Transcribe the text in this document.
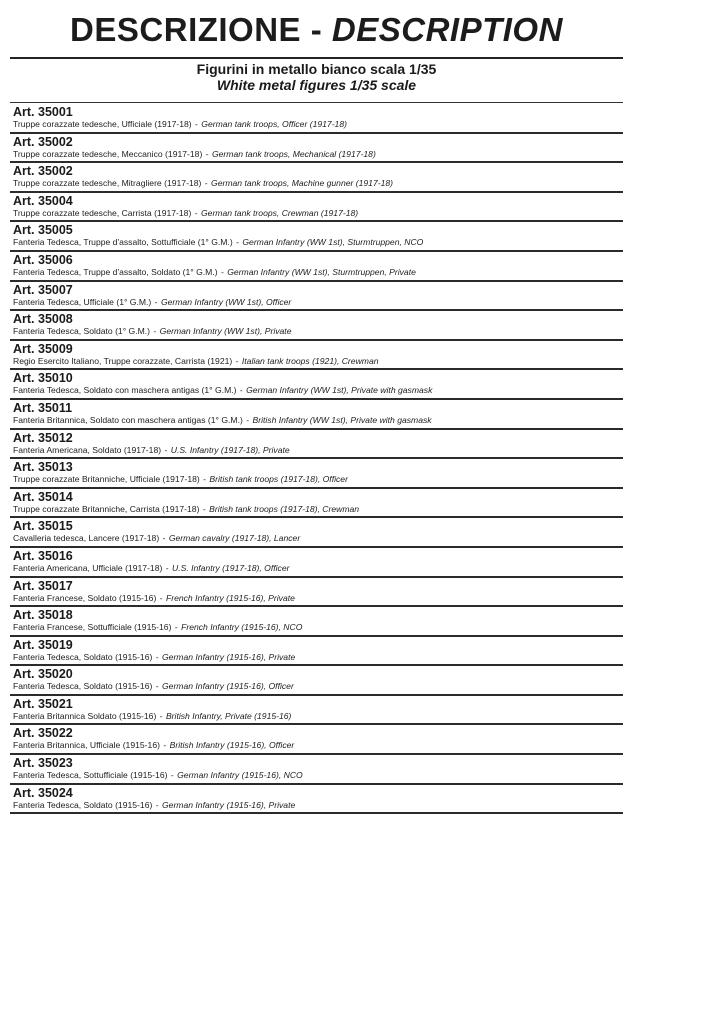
DESCRIZIONE - DESCRIPTION
Figurini in metallo bianco scala 1/35
White metal figures 1/35 scale
Art. 35001
Truppe corazzate tedesche, Ufficiale (1917-18) - German tank troops, Officer (1917-18)
Art. 35002
Truppe corazzate tedesche, Meccanico (1917-18) - German tank troops, Mechanical (1917-18)
Art. 35002
Truppe corazzate tedesche, Mitragliere (1917-18) - German tank troops, Machine gunner (1917-18)
Art. 35004
Truppe corazzate tedesche, Carrista (1917-18) - German tank troops, Crewman (1917-18)
Art. 35005
Fanteria Tedesca, Truppe d'assalto, Sottufficiale (1° G.M.) - German Infantry (WW 1st), Sturmtruppen, NCO
Art. 35006
Fanteria Tedesca, Truppe d'assalto, Soldato (1° G.M.) - German Infantry (WW 1st), Sturmtruppen, Private
Art. 35007
Fanteria Tedesca, Ufficiale (1° G.M.) - German Infantry (WW 1st), Officer
Art. 35008
Fanteria Tedesca, Soldato (1° G.M.) - German Infantry (WW 1st), Private
Art. 35009
Regio Esercito Italiano, Truppe corazzate, Carrista (1921) - Italian tank troops (1921), Crewman
Art. 35010
Fanteria Tedesca, Soldato con maschera antigas (1° G.M.) - German Infantry (WW 1st), Private with gasmask
Art. 35011
Fanteria Britannica, Soldato con maschera antigas (1° G.M.) - British Infantry (WW 1st), Private with gasmask
Art. 35012
Fanteria Americana, Soldato (1917-18) - U.S. Infantry (1917-18), Private
Art. 35013
Truppe corazzate Britanniche, Ufficiale (1917-18) - British tank troops (1917-18), Officer
Art. 35014
Truppe corazzate Britanniche, Carrista (1917-18) - British tank troops (1917-18), Crewman
Art. 35015
Cavalleria tedesca, Lancere (1917-18) - German cavalry (1917-18), Lancer
Art. 35016
Fanteria Americana, Ufficiale (1917-18) - U.S. Infantry (1917-18), Officer
Art. 35017
Fanteria Francese, Soldato (1915-16) - French Infantry (1915-16), Private
Art. 35018
Fanteria Francese, Sottufficiale (1915-16) - French Infantry (1915-16), NCO
Art. 35019
Fanteria Tedesca, Soldato (1915-16) - German Infantry (1915-16), Private
Art. 35020
Fanteria Tedesca, Soldato (1915-16) - German Infantry (1915-16), Officer
Art. 35021
Fanteria Britannica Soldato (1915-16) - British Infantry, Private (1915-16)
Art. 35022
Fanteria Britannica, Ufficiale (1915-16) - British Infantry (1915-16), Officer
Art. 35023
Fanteria Tedesca, Sottufficiale (1915-16) - German Infantry (1915-16), NCO
Art. 35024
Fanteria Tedesca, Soldato (1915-16) - German Infantry (1915-16), Private
